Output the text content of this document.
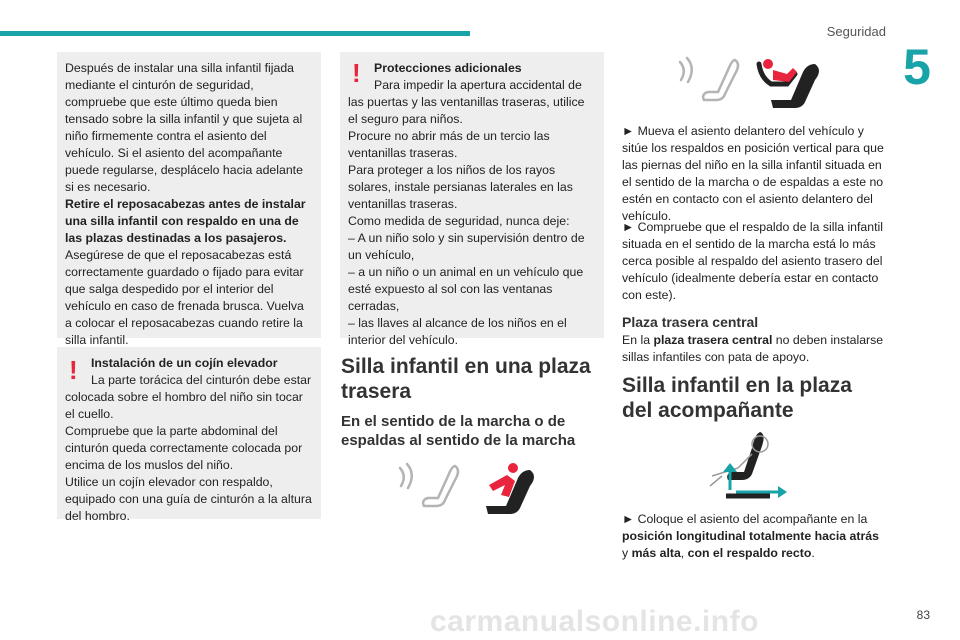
Seguridad
5

Después de instalar una silla infantil fijada mediante el cinturón de seguridad, compruebe que este último queda bien tensado sobre la silla infantil y que sujeta al niño firmemente contra el asiento del vehículo. Si el asiento del acompañante puede regularse, desplácelo hacia adelante si es necesario.

Retire el reposacabezas antes de instalar una silla infantil con respaldo en una de las plazas destinadas a los pasajeros.

Asegúrese de que el reposacabezas está correctamente guardado o fijado para evitar que salga despedido por el interior del vehículo en caso de frenada brusca. Vuelva a colocar el reposacabezas cuando retire la silla infantil.

!	Instalación de un cojín elevador

La parte torácica del cinturón debe estar colocada sobre el hombro del niño sin tocar el cuello.

Compruebe que la parte abdominal del cinturón queda correctamente colocada por encima de los muslos del niño.

Utilice un cojín elevador con respaldo, equipado con una guía de cinturón a la altura del hombro.

!	Protecciones adicionales

Para impedir la apertura accidental de las puertas y las ventanillas traseras, utilice el seguro para niños.

Procure no abrir más de un tercio las ventanillas traseras.

Para proteger a los niños de los rayos solares, instale persianas laterales en las ventanillas traseras.

Como medida de seguridad, nunca deje:

– A un niño solo y sin supervisión dentro de un vehículo,

– a un niño o un animal en un vehículo que esté expuesto al sol con las ventanas cerradas,

– las llaves al alcance de los niños en el interior del vehículo.

Silla infantil en una plaza trasera
En el sentido de la marcha o de espaldas al sentido de la marcha
► Mueva el asiento delantero del vehículo y sitúe los respaldos en posición vertical para que las piernas del niño en la silla infantil situada en el sentido de la marcha o de espaldas a este no estén en contacto con el asiento delantero del vehículo.
► Compruebe que el respaldo de la silla infantil situada en el sentido de la marcha está lo más cerca posible al respaldo del asiento trasero del vehículo (idealmente debería estar en contacto con este).
Plaza trasera central
En la plaza trasera central no deben instalarse sillas infantiles con pata de apoyo.
Silla infantil en la plaza del acompañante
► Coloque el asiento del acompañante en la posición longitudinal totalmente hacia atrás y más alta, con el respaldo recto.
83
carmanualsonline.info
